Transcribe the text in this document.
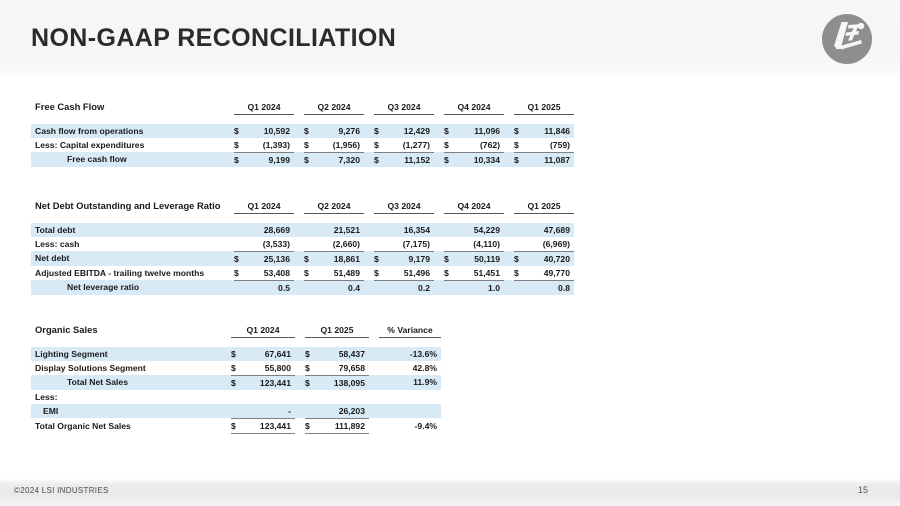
NON-GAAP RECONCILIATION
Free Cash Flow	Q1 2024			Q2 2024			Q3 2024			Q4 2024			Q1 2025	

Cash flow from operations	$	10,592		$	9,276		$	12,429		$	11,096		$	11,846
Less: Capital expenditures	$	(1,393)		$	(1,956)		$	(1,277)		$	(762)		$	(759)
Free cash flow	$	9,199		$	7,320		$	11,152		$	10,334		$	11,087
Net Debt Outstanding and Leverage Ratio	Q1 2024			Q2 2024			Q3 2024			Q4 2024			Q1 2025	

Total debt		28,669			21,521			16,354			54,229			47,689
Less: cash		(3,533)			(2,660)			(7,175)			(4,110)			(6,969)
Net debt	$	25,136		$	18,861		$	9,179		$	50,119		$	40,720
Adjusted EBITDA - trailing twelve months	$	53,408		$	51,489		$	51,496		$	51,451		$	49,770
Net leverage ratio		0.5			0.4			0.2			1.0			0.8
Organic Sales	Q1 2024			Q1 2025			% Variance

Lighting Segment	$	67,641		$	58,437		-13.6%
Display Solutions Segment	$	55,800		$	79,658		42.8%
Total Net Sales	$	123,441		$	138,095		11.9%
Less:							
EMI		-			26,203		
Total Organic Net Sales	$	123,441		$	111,892		-9.4%
©2024 LSI INDUSTRIES	15
